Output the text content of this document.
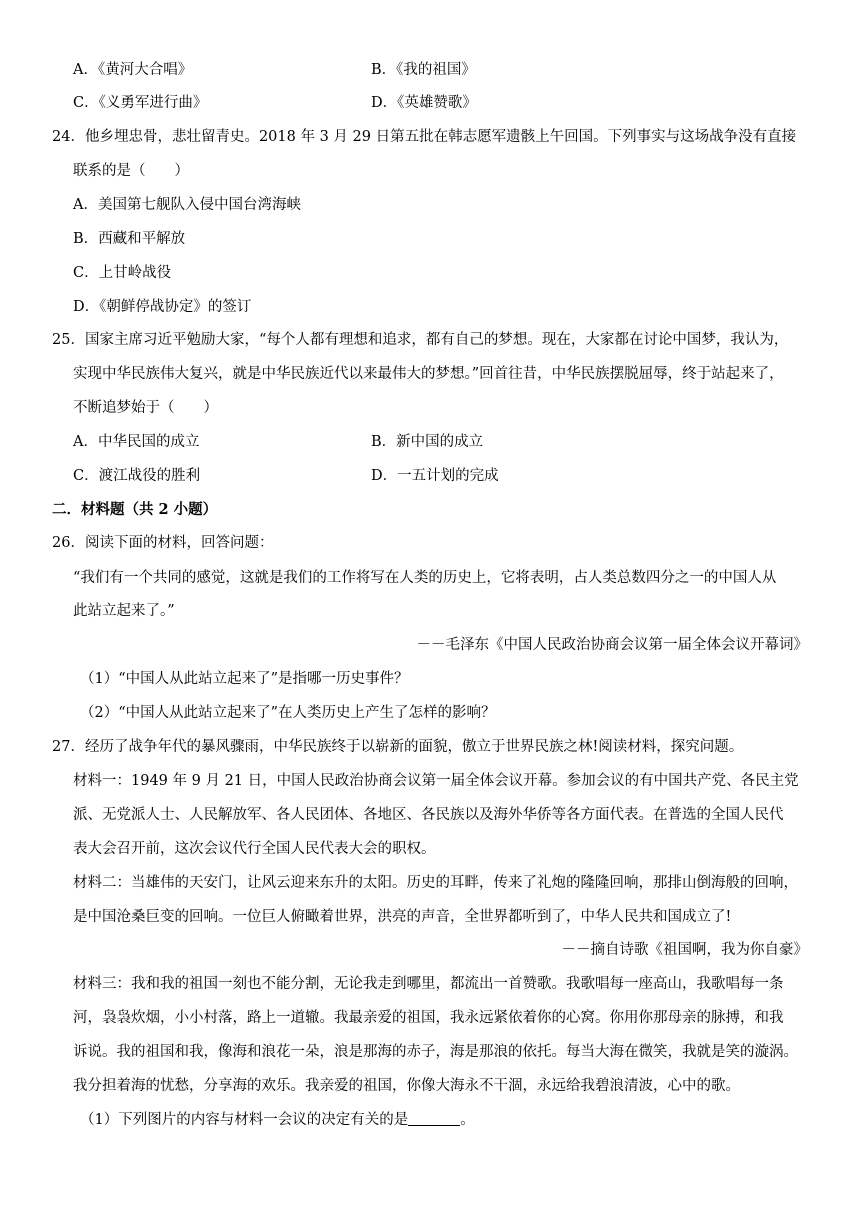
A．《黄河大合唱》	B．《我的祖国》
C．《义勇军进行曲》	D．《英雄赞歌》
24．他乡埋忠骨，悲壮留青史。2018 年 3 月 29 日第五批在韩志愿军遗骸上午回国。下列事实与这场战争没有直接
联系的是（　　）
A．美国第七舰队入侵中国台湾海峡
B．西藏和平解放
C．上甘岭战役
D．《朝鲜停战协定》的签订
25．国家主席习近平勉励大家，“每个人都有理想和追求，都有自己的梦想。现在，大家都在讨论中国梦，我认为，
实现中华民族伟大复兴，就是中华民族近代以来最伟大的梦想。”回首往昔，中华民族摆脱屈辱，终于站起来了，
不断追梦始于（　　）
A．中华民国的成立	B．新中国的成立
C．渡江战役的胜利	D．一五计划的完成
二．材料题（共 2 小题）
26．阅读下面的材料，回答问题：
“我们有一个共同的感觉，这就是我们的工作将写在人类的历史上，它将表明，占人类总数四分之一的中国人从
此站立起来了。”
－－毛泽东《中国人民政治协商会议第一届全体会议开幕词》
（1）“中国人从此站立起来了”是指哪一历史事件？
（2）“中国人从此站立起来了”在人类历史上产生了怎样的影响？
27．经历了战争年代的暴风骤雨，中华民族终于以崭新的面貌，傲立于世界民族之林!阅读材料，探究问题。
材料一：1949 年 9 月 21 日，中国人民政治协商会议第一届全体会议开幕。参加会议的有中国共产党、各民主党
派、无党派人士、人民解放军、各人民团体、各地区、各民族以及海外华侨等各方面代表。在普选的全国人民代
表大会召开前，这次会议代行全国人民代表大会的职权。
材料二：当雄伟的天安门，让风云迎来东升的太阳。历史的耳畔，传来了礼炮的隆隆回响，那排山倒海般的回响，
是中国沧桑巨变的回响。一位巨人俯瞰着世界，洪亮的声音，全世界都听到了，中华人民共和国成立了!
－－摘自诗歌《祖国啊，我为你自豪》
材料三：我和我的祖国一刻也不能分割，无论我走到哪里，都流出一首赞歌。我歌唱每一座高山，我歌唱每一条
河，袅袅炊烟，小小村落，路上一道辙。我最亲爱的祖国，我永远紧依着你的心窝。你用你那母亲的脉搏，和我
诉说。我的祖国和我，像海和浪花一朵，浪是那海的赤子，海是那浪的依托。每当大海在微笑，我就是笑的漩涡。
我分担着海的忧愁，分享海的欢乐。我亲爱的祖国，你像大海永不干涸，永远给我碧浪清波，心中的歌。
（1）下列图片的内容与材料一会议的决定有关的是	。
